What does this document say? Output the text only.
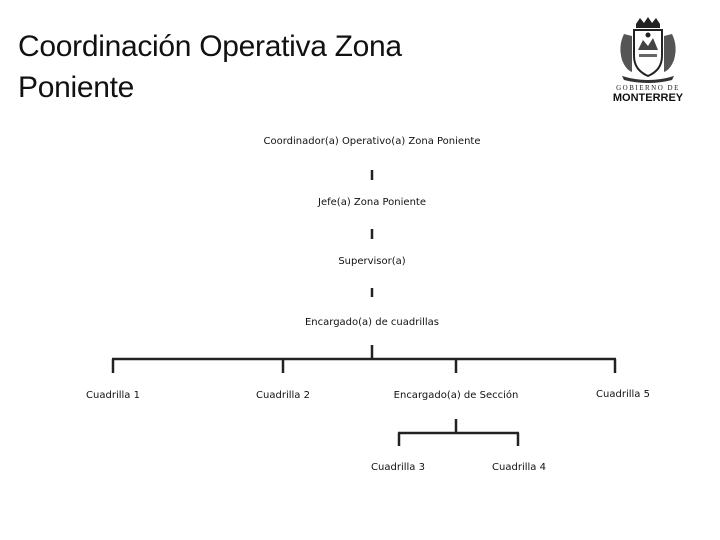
Coordinación Operativa Zona
Poniente	GOBIERNO DE
MONTERREY
Coordinador(a) Operativo(a) Zona Poniente
Jefe(a) Zona Poniente
Supervisor(a)
Encargado(a) de cuadrillas
Cuadrilla 1	Cuadrilla 2	Encargado(a) de Sección	Cuadrilla 5
Cuadrilla 3	Cuadrilla 4
